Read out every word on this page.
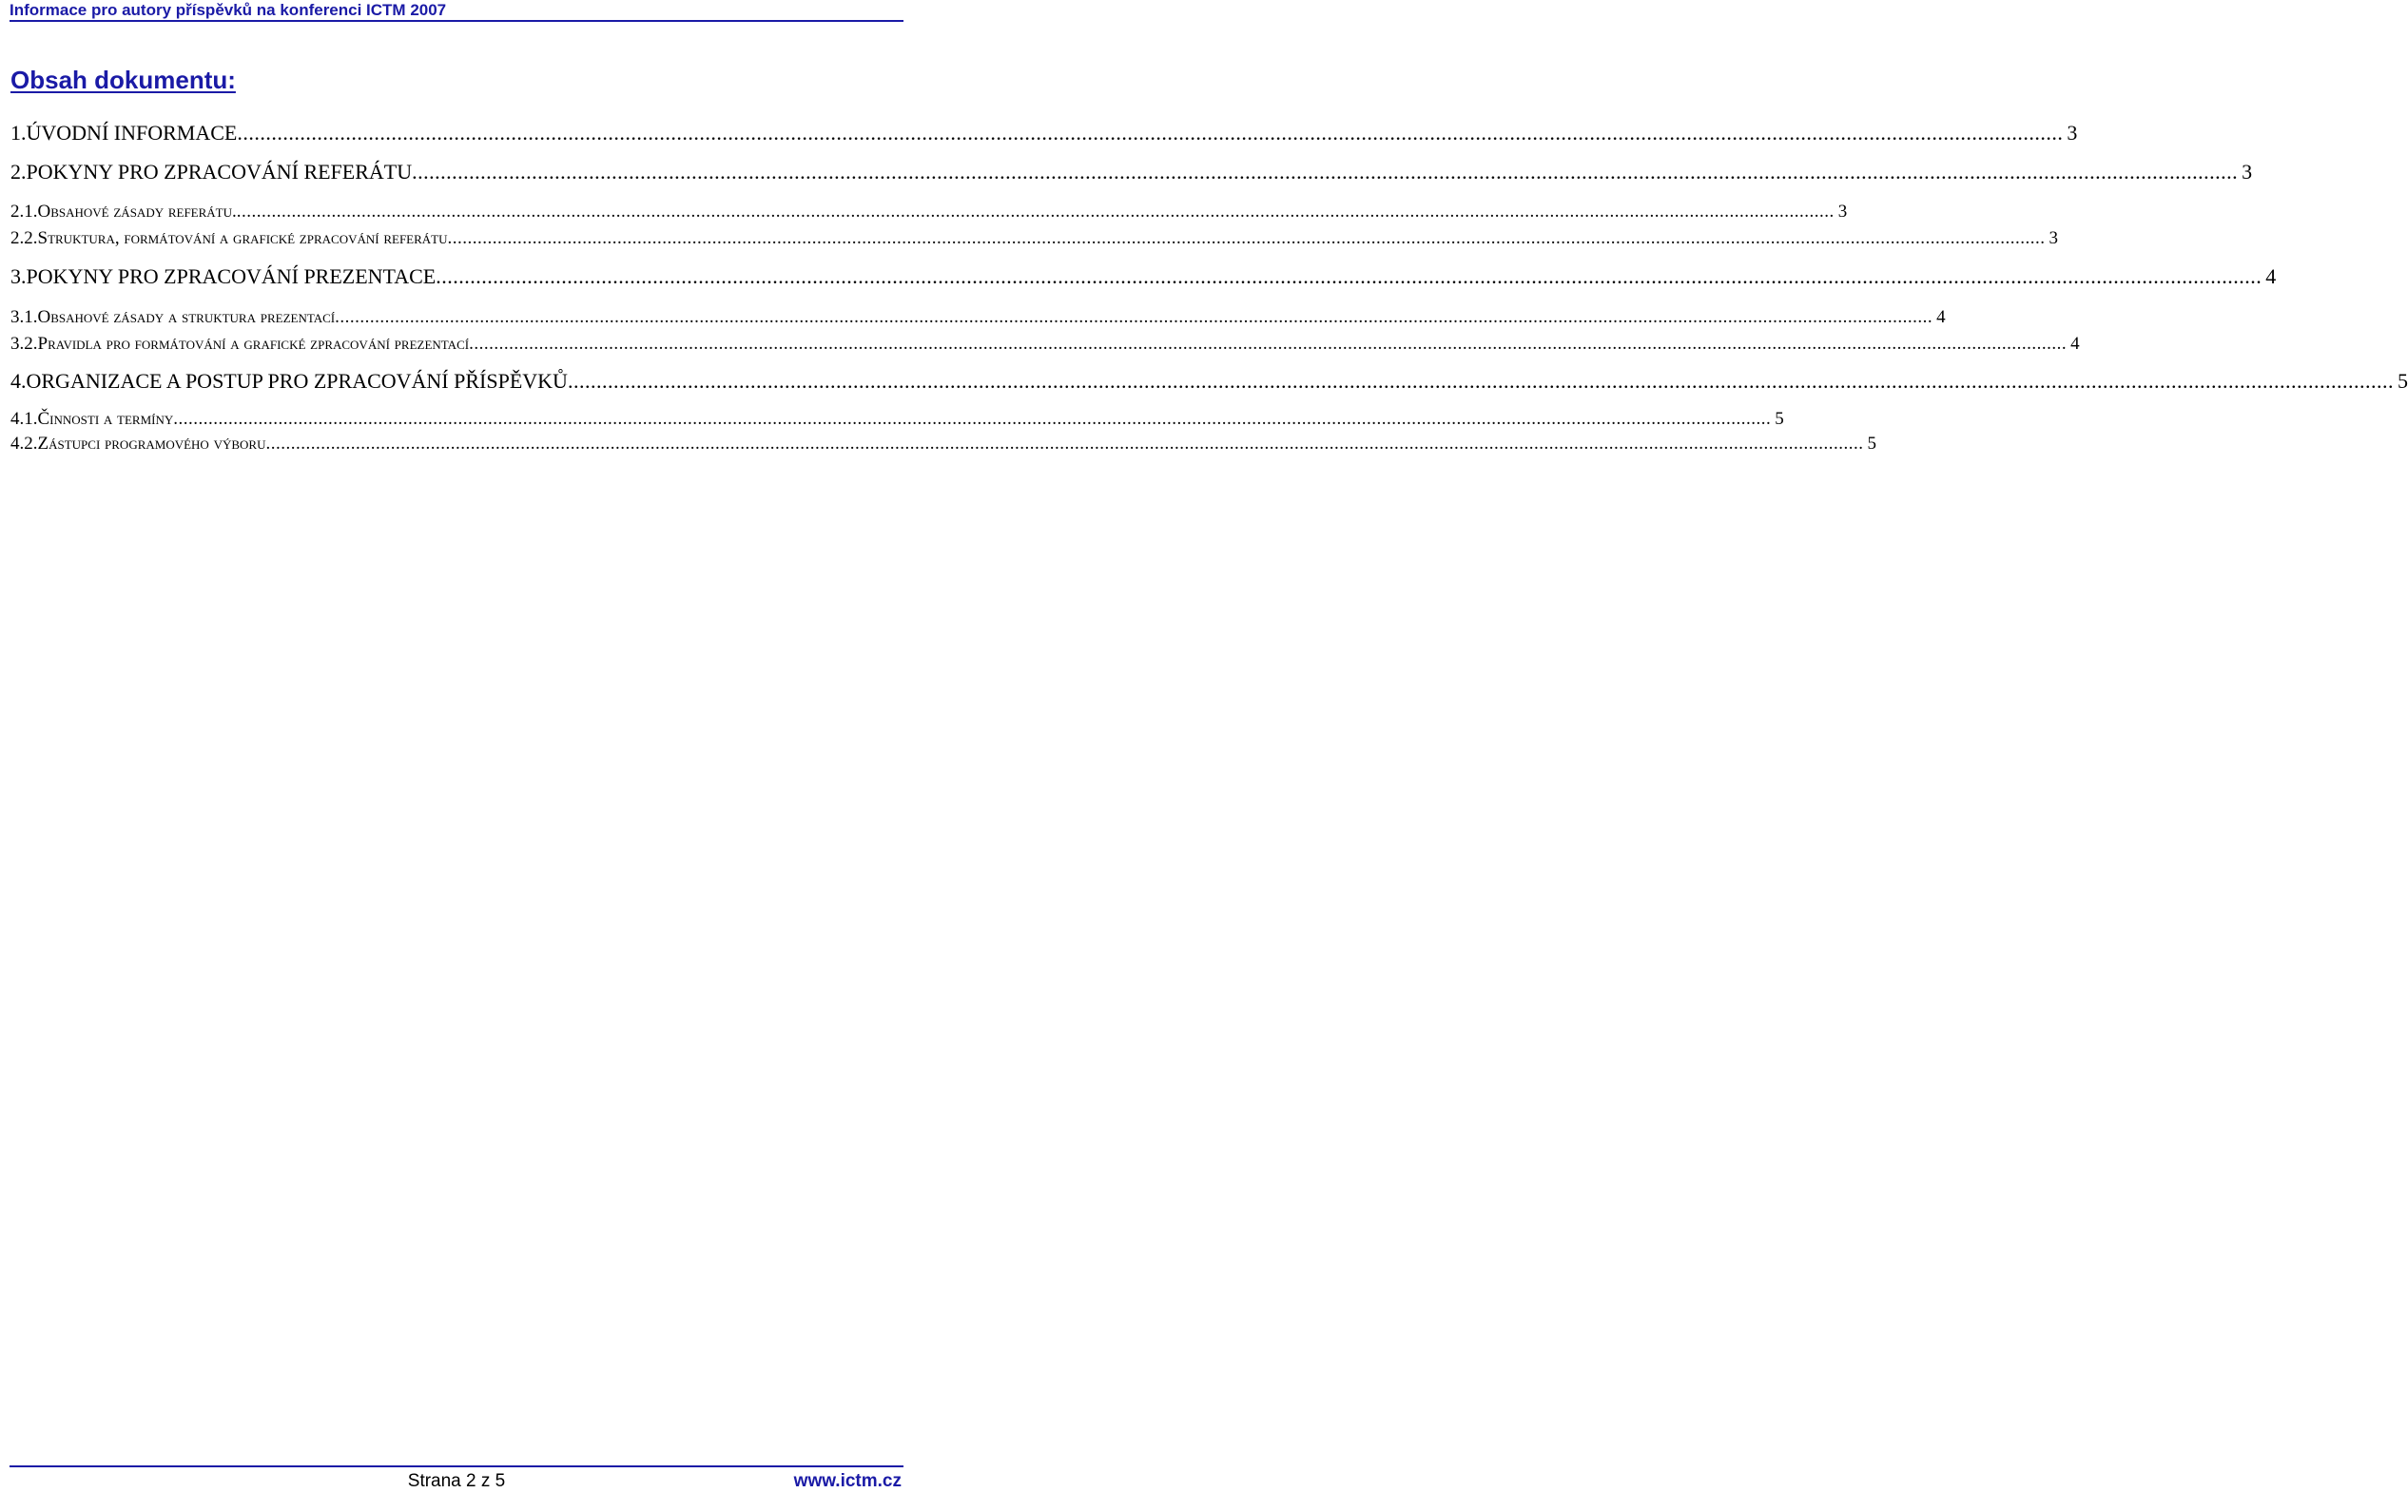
Informace pro autory příspěvků na konferenci ICTM 2007
Obsah dokumentu:
1. ÚVODNÍ INFORMACE .....	3
2. POKYNY PRO ZPRACOVÁNÍ REFERÁTU .....	3
2.1. Obsahové zásady referátu. .....	3
2.2. Struktura, formátování a grafické zpracování referátu .....	3
3. POKYNY PRO ZPRACOVÁNÍ PREZENTACE .....	4
3.1. Obsahové zásady a struktura prezentací .....	4
3.2. Pravidla pro formátování a grafické zpracování prezentací .....	4
4. ORGANIZACE A POSTUP PRO ZPRACOVÁNÍ PŘÍSPĚVKŮ .....	5
4.1. Činnosti a termíny .....	5
4.2. Zástupci programového výboru .....	5
Strana 2 z 5	www.ictm.cz
